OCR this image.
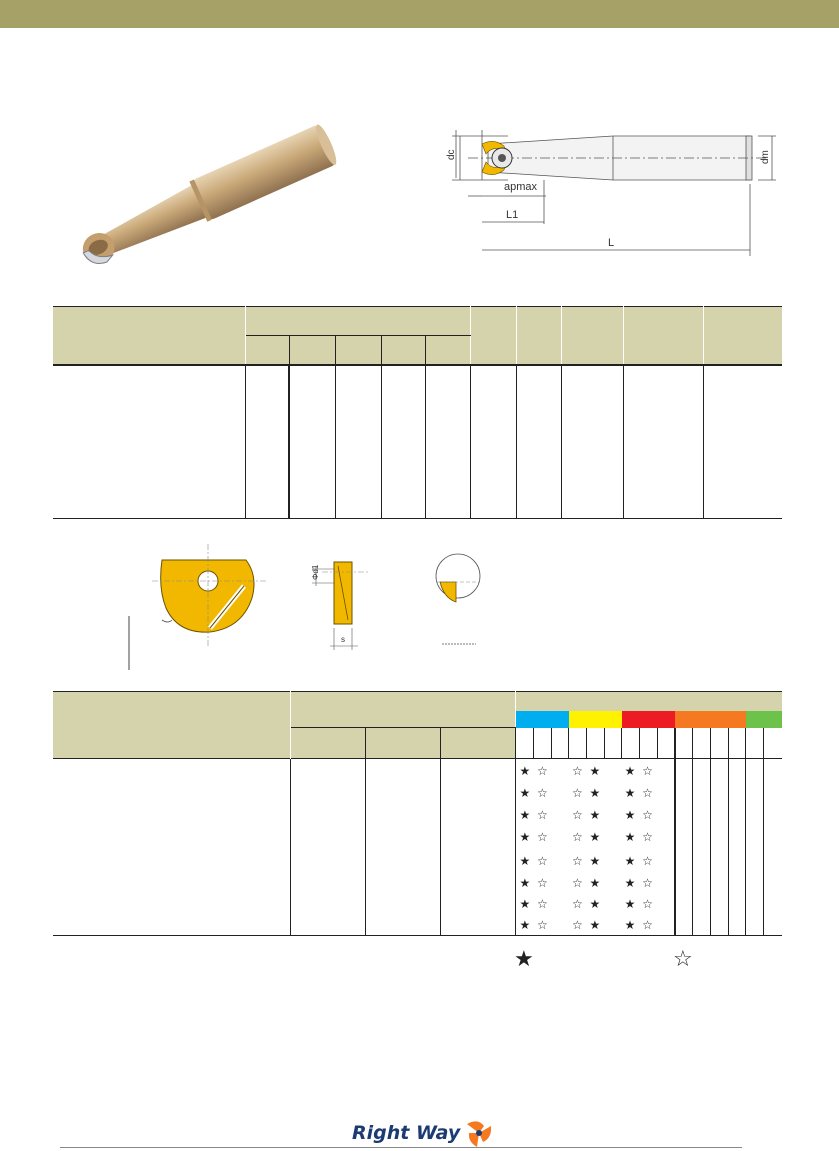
dc	dm
apmax
L1
L

Φd1
s

★	☆		☆	★		★	☆	
★	☆		☆	★		★	☆	
★	☆		☆	★		★	☆	
★	☆		☆	★		★	☆	
★	☆		☆	★		★	☆	
★	☆		☆	★		★	☆	
★	☆		☆	★		★	☆	
★	☆		☆	★		★	☆	

★	☆
Right Way
